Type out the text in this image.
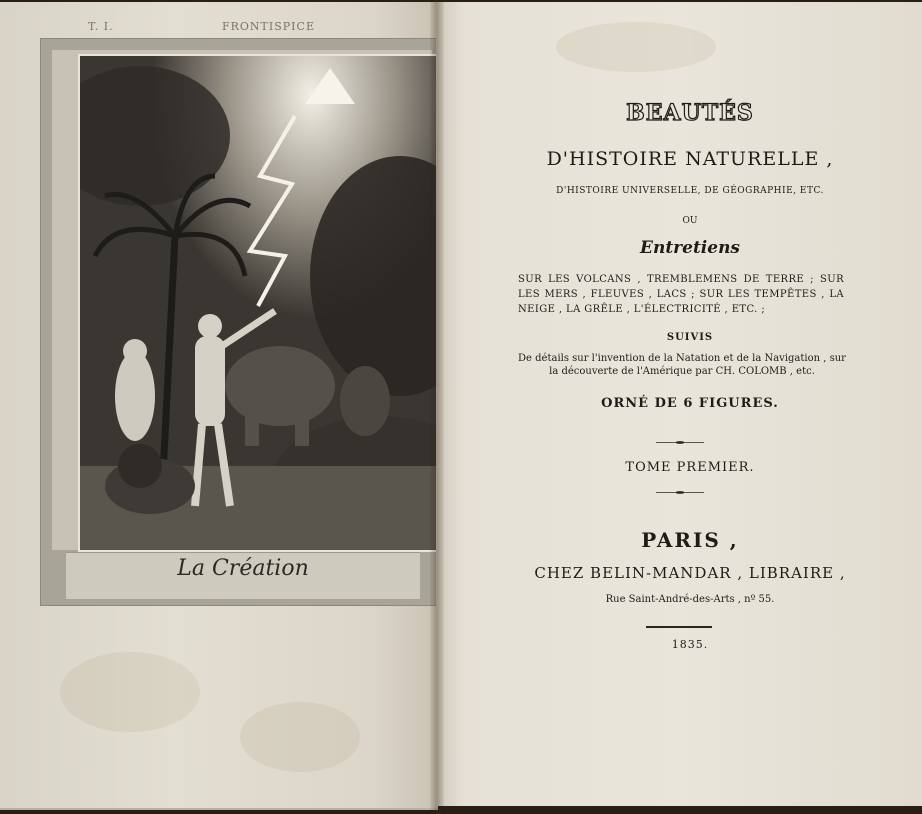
T. I.	FRONTISPICE
La Création
BEAUTÉS
D'HISTOIRE NATURELLE ,
D'HISTOIRE UNIVERSELLE, DE GÉOGRAPHIE, ETC.
OU
Entretiens
SUR LES VOLCANS , TREMBLEMENS DE TERRE ; SUR LES MERS , FLEUVES , LACS ; SUR LES TEMPÊTES , LA NEIGE , LA GRÊLE , L'ÉLECTRICITÉ , ETC. ;
SUIVIS
De détails sur l'invention de la Natation et de la Navigation , sur la découverte de l'Amérique par CH. COLOMB , etc.
ORNÉ DE 6 FIGURES.
TOME PREMIER.
PARIS ,
CHEZ BELIN-MANDAR , LIBRAIRE ,
Rue Saint-André-des-Arts , nº 55.
1835.
